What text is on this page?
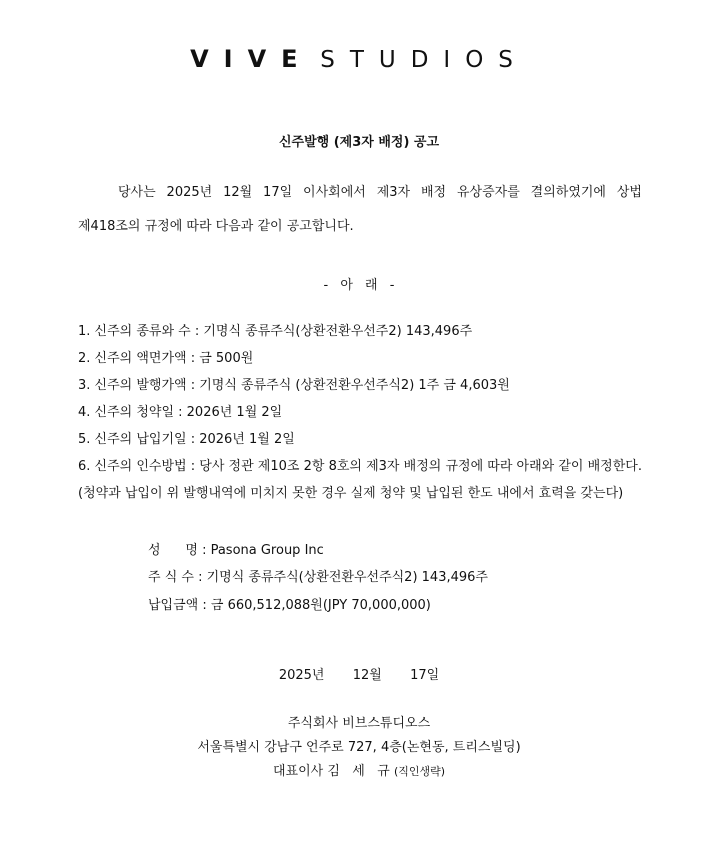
VIVE STUDIOS
신주발행 (제3자 배정) 공고
당사는 2025년 12월 17일 이사회에서 제3자 배정 유상증자를 결의하였기에 상법
제418조의 규정에 따라 다음과 같이 공고합니다.
- 아 래 -
1. 신주의 종류와 수 : 기명식 종류주식(상환전환우선주2) 143,496주
2. 신주의 액면가액 : 금 500원
3. 신주의 발행가액 : 기명식 종류주식 (상환전환우선주식2) 1주 금 4,603원
4. 신주의 청약일 : 2026년 1월 2일
5. 신주의 납입기일 : 2026년 1월 2일
6. 신주의 인수방법 : 당사 정관 제10조 2항 8호의 제3자 배정의 규정에 따라 아래와 같이 배정한다.(청약과 납입이 위 발행내역에 미치지 못한 경우 실제 청약 및 납입된 한도 내에서 효력을 갖는다)
성      명 : Pasona Group Inc
주 식 수 : 기명식 종류주식(상환전환우선주식2) 143,496주
납입금액 : 금 660,512,088원(JPY 70,000,000)
2025년  12월  17일
주식회사 비브스튜디오스
서울특별시 강남구 언주로 727, 4층(논현동, 트리스빌딩)
대표이사 김   세   규 (직인생략)
